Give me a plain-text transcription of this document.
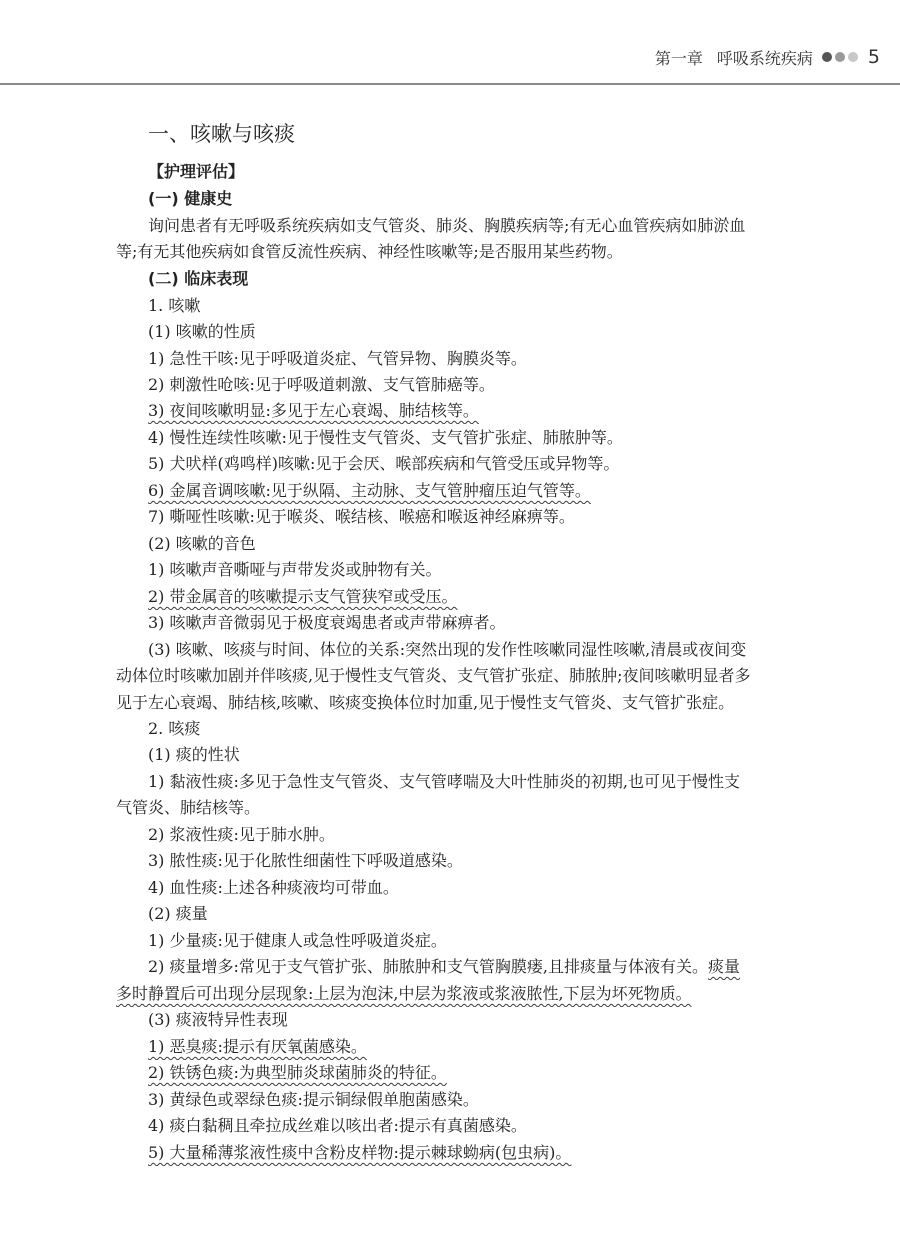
第一章 呼吸系统疾病	5
一、咳嗽与咳痰
【护理评估】
(一) 健康史
询问患者有无呼吸系统疾病如支气管炎、肺炎、胸膜疾病等;有无心血管疾病如肺淤血
等;有无其他疾病如食管反流性疾病、神经性咳嗽等;是否服用某些药物。
(二) 临床表现
1. 咳嗽
(1) 咳嗽的性质
1) 急性干咳:见于呼吸道炎症、气管异物、胸膜炎等。
2) 刺激性呛咳:见于呼吸道刺激、支气管肺癌等。
3) 夜间咳嗽明显:多见于左心衰竭、肺结核等。
4) 慢性连续性咳嗽:见于慢性支气管炎、支气管扩张症、肺脓肿等。
5) 犬吠样(鸡鸣样)咳嗽:见于会厌、喉部疾病和气管受压或异物等。
6) 金属音调咳嗽:见于纵隔、主动脉、支气管肿瘤压迫气管等。
7) 嘶哑性咳嗽:见于喉炎、喉结核、喉癌和喉返神经麻痹等。
(2) 咳嗽的音色
1) 咳嗽声音嘶哑与声带发炎或肿物有关。
2) 带金属音的咳嗽提示支气管狭窄或受压。
3) 咳嗽声音微弱见于极度衰竭患者或声带麻痹者。
(3) 咳嗽、咳痰与时间、体位的关系:突然出现的发作性咳嗽同湿性咳嗽,清晨或夜间变
动体位时咳嗽加剧并伴咳痰,见于慢性支气管炎、支气管扩张症、肺脓肿;夜间咳嗽明显者多
见于左心衰竭、肺结核,咳嗽、咳痰变换体位时加重,见于慢性支气管炎、支气管扩张症。
2. 咳痰
(1) 痰的性状
1) 黏液性痰:多见于急性支气管炎、支气管哮喘及大叶性肺炎的初期,也可见于慢性支
气管炎、肺结核等。
2) 浆液性痰:见于肺水肿。
3) 脓性痰:见于化脓性细菌性下呼吸道感染。
4) 血性痰:上述各种痰液均可带血。
(2) 痰量
1) 少量痰:见于健康人或急性呼吸道炎症。
2) 痰量增多:常见于支气管扩张、肺脓肿和支气管胸膜瘘,且排痰量与体液有关。痰量
多时静置后可出现分层现象:上层为泡沫,中层为浆液或浆液脓性,下层为坏死物质。
(3) 痰液特异性表现
1) 恶臭痰:提示有厌氧菌感染。
2) 铁锈色痰:为典型肺炎球菌肺炎的特征。
3) 黄绿色或翠绿色痰:提示铜绿假单胞菌感染。
4) 痰白黏稠且牵拉成丝难以咳出者:提示有真菌感染。
5) 大量稀薄浆液性痰中含粉皮样物:提示棘球蚴病(包虫病)。
